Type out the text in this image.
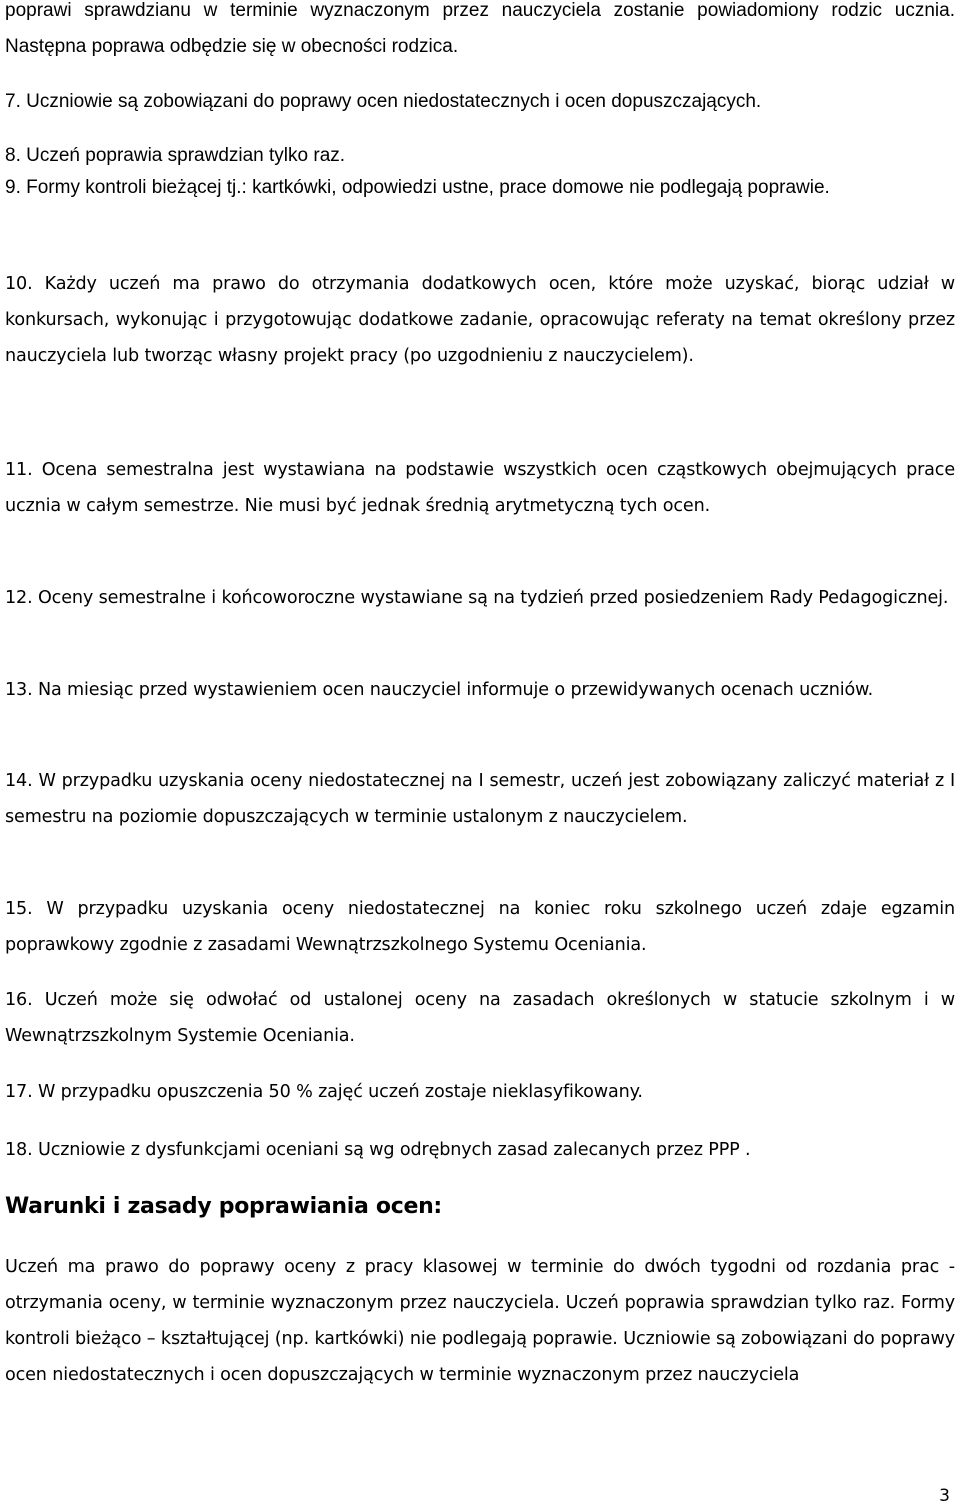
poprawi sprawdzianu w terminie wyznaczonym przez nauczyciela zostanie powiadomiony rodzic ucznia. Następna poprawa odbędzie się w obecności rodzica.

7. Uczniowie są zobowiązani do poprawy ocen niedostatecznych i ocen dopuszczających.

8. Uczeń poprawia sprawdzian tylko raz.

9. Formy kontroli bieżącej tj.: kartkówki, odpowiedzi ustne, prace domowe nie podlegają poprawie.

10. Każdy uczeń ma prawo do otrzymania dodatkowych ocen, które może uzyskać, biorąc udział w konkursach, wykonując i przygotowując dodatkowe zadanie, opracowując referaty na temat określony przez nauczyciela lub tworząc własny projekt pracy (po uzgodnieniu z nauczycielem).

11. Ocena semestralna jest wystawiana na podstawie wszystkich ocen cząstkowych obejmujących prace ucznia w całym semestrze. Nie musi być jednak średnią arytmetyczną tych ocen.

12. Oceny semestralne i końcoworoczne wystawiane są na tydzień przed posiedzeniem Rady Pedagogicznej.

13. Na miesiąc przed wystawieniem ocen nauczyciel informuje o przewidywanych ocenach uczniów.

14. W przypadku uzyskania oceny niedostatecznej na I semestr, uczeń jest zobowiązany zaliczyć materiał z I semestru na poziomie dopuszczających w terminie ustalonym z nauczycielem.

15. W przypadku uzyskania oceny niedostatecznej na koniec roku szkolnego uczeń zdaje egzamin poprawkowy zgodnie z zasadami Wewnątrzszkolnego Systemu Oceniania.

16. Uczeń może się odwołać od ustalonej oceny na zasadach określonych w statucie szkolnym i w Wewnątrzszkolnym Systemie Oceniania.

17. W przypadku opuszczenia 50 % zajęć uczeń zostaje nieklasyfikowany.

18. Uczniowie z dysfunkcjami oceniani są wg odrębnych zasad zalecanych przez PPP .

Warunki i zasady poprawiania ocen:

Uczeń ma prawo do poprawy oceny z pracy klasowej w terminie do dwóch tygodni od rozdania prac - otrzymania oceny, w terminie wyznaczonym przez nauczyciela. Uczeń poprawia sprawdzian tylko raz. Formy kontroli bieżąco – kształtującej (np. kartkówki) nie podlegają poprawie. Uczniowie są zobowiązani do poprawy ocen niedostatecznych i ocen dopuszczających w terminie wyznaczonym przez nauczyciela

3
